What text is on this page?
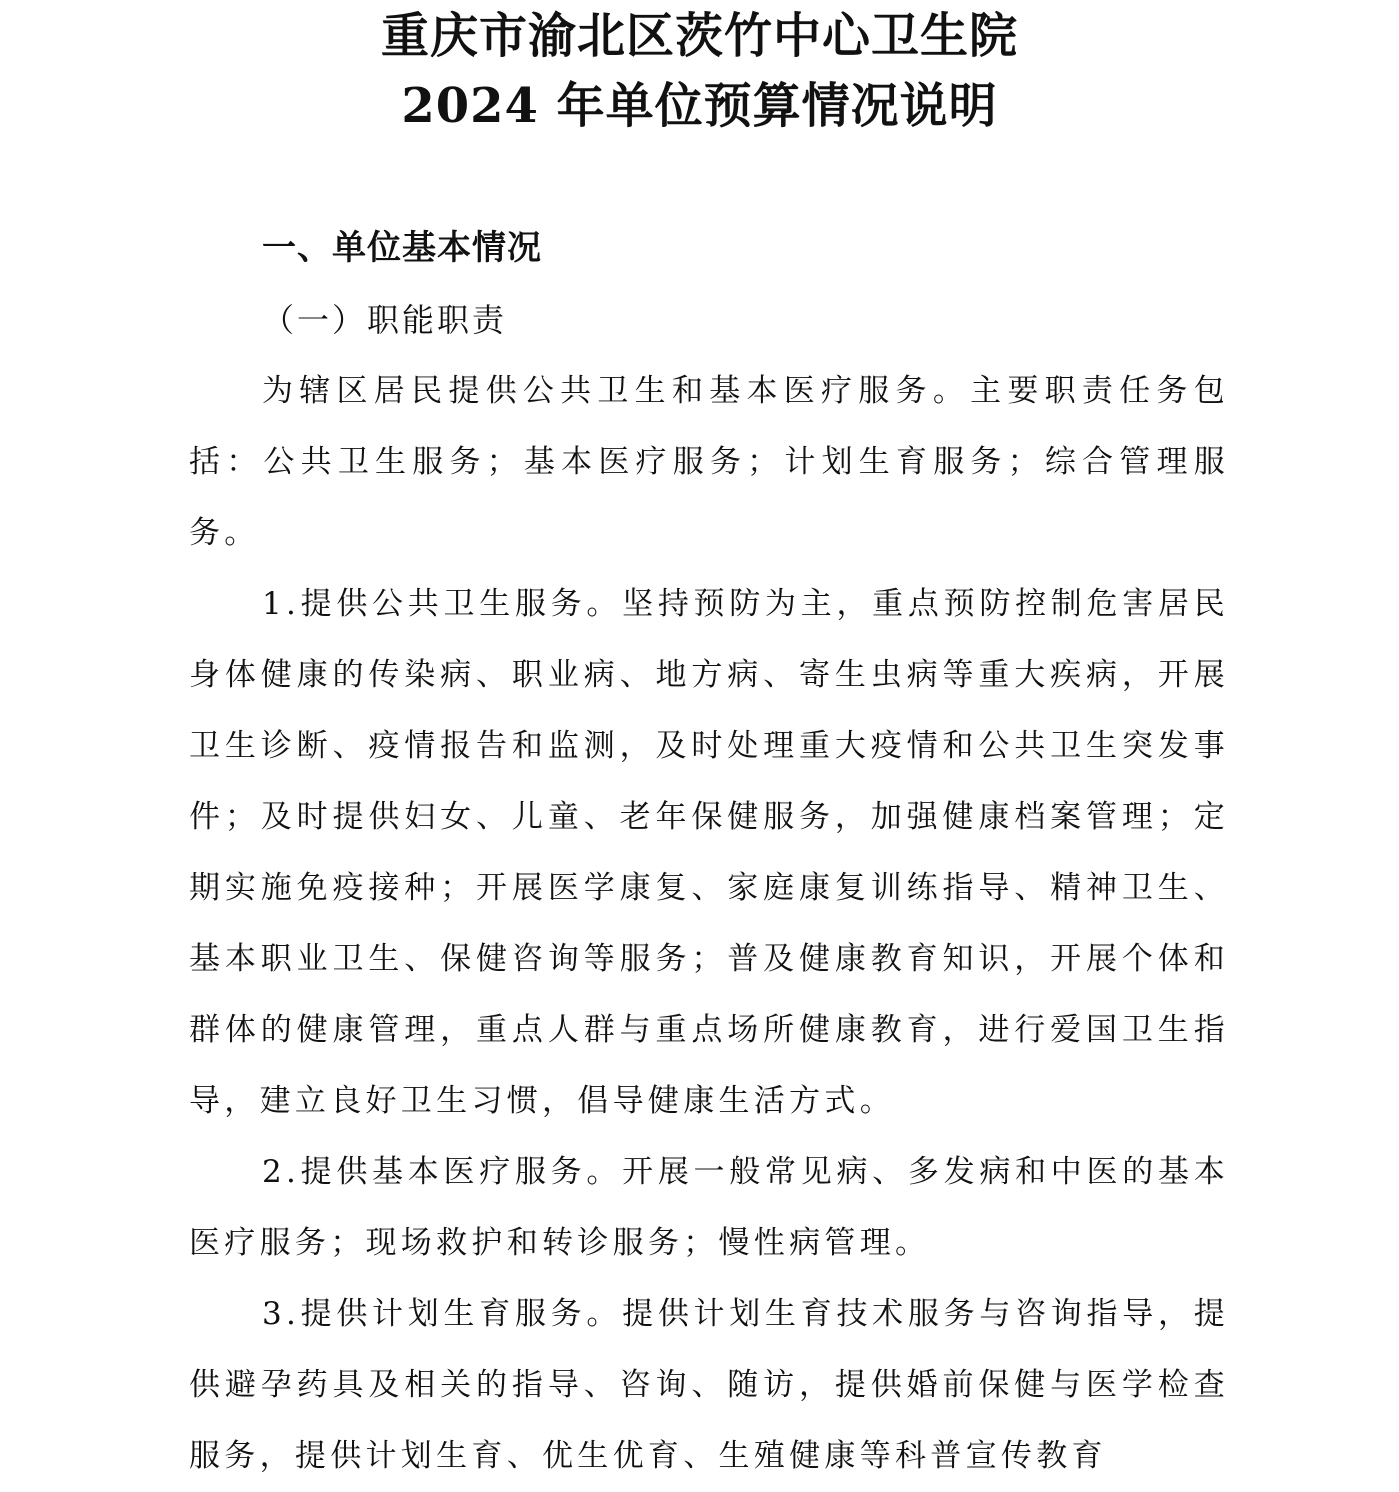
重庆市渝北区茨竹中心卫生院
2024 年单位预算情况说明
一、单位基本情况
（一）职能职责

为辖区居民提供公共卫生和基本医疗服务。主要职责任务包括：公共卫生服务；基本医疗服务；计划生育服务；综合管理服务。

1.提供公共卫生服务。坚持预防为主，重点预防控制危害居民身体健康的传染病、职业病、地方病、寄生虫病等重大疾病，开展卫生诊断、疫情报告和监测，及时处理重大疫情和公共卫生突发事件；及时提供妇女、儿童、老年保健服务，加强健康档案管理；定期实施免疫接种；开展医学康复、家庭康复训练指导、精神卫生、基本职业卫生、保健咨询等服务；普及健康教育知识，开展个体和群体的健康管理，重点人群与重点场所健康教育，进行爱国卫生指导，建立良好卫生习惯，倡导健康生活方式。

2.提供基本医疗服务。开展一般常见病、多发病和中医的基本医疗服务；现场救护和转诊服务；慢性病管理。

3.提供计划生育服务。提供计划生育技术服务与咨询指导，提供避孕药具及相关的指导、咨询、随访，提供婚前保健与医学检查服务，提供计划生育、优生优育、生殖健康等科普宣传教育
